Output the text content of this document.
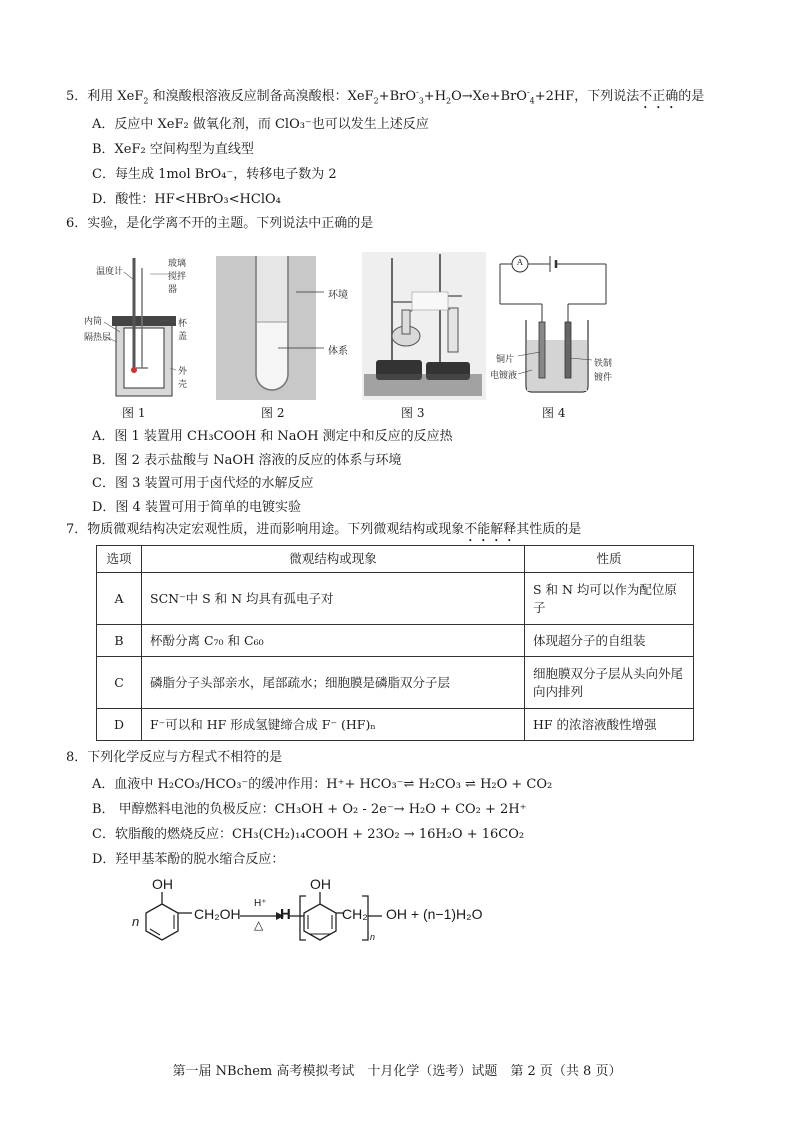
5．利用 XeF$_2$ 和溴酸根溶液反应制备高溴酸根：$XeF_2+BrO^-_3+H_2O\to Xe+BrO^-_4+2HF$，下列说法不正确的是
A．反应中 XeF₂ 做氧化剂，而 ClO₃⁻也可以发生上述反应
B．XeF₂ 空间构型为直线型
C．每生成 1mol BrO₄⁻，转移电子数为 2
D．酸性：HF<HBrO₃<HClO₄
6．实验，是化学离不开的主题。下列说法中正确的是
温度计
玻璃
搅拌器
内筒
隔热层
杯盖
外壳
图 1
环境
体系
图 2	图 3
A
铜片
电镀液
铁制
镀件
图 4
A．图 1 装置用 CH₃COOH 和 NaOH 测定中和反应的反应热
B．图 2 表示盐酸与 NaOH 溶液的反应的体系与环境
C．图 3 装置可用于卤代烃的水解反应
D．图 4 装置可用于简单的电镀实验
7．物质微观结构决定宏观性质，进而影响用途。下列微观结构或现象不能解释其性质的是
选项	微观结构或现象	性质
A	SCN⁻中 S 和 N 均具有孤电子对	S 和 N 均可以作为配位原子
B	杯酚分离 C₇₀ 和 C₆₀	体现超分子的自组装
C	磷脂分子头部亲水，尾部疏水；细胞膜是磷脂双分子层	细胞膜双分子层从头向外尾向内排列
D	F⁻可以和 HF 形成氢键缔合成 F⁻ (HF)ₙ	HF 的浓溶液酸性增强
8．下列化学反应与方程式不相符的是
A．血液中 H₂CO₃/HCO₃⁻的缓冲作用：H⁺+ HCO₃⁻⇌ H₂CO₃ ⇌ H₂O + CO₂
B． 甲醇燃料电池的负极反应：CH₃OH + O₂ - 2e⁻→ H₂O + CO₂ + 2H⁺
C．软脂酸的燃烧反应：CH₃(CH₂)₁₄COOH + 23O₂ → 16H₂O + 16CO₂
D．羟甲基苯酚的脱水缩合反应：
OH
n	CH₂OH
H⁺
△
H
OH
CH₂
n
OH + (n−1)H₂O
第一届 NBchem 高考模拟考试　十月化学（选考）试题　第 2 页（共 8 页）
